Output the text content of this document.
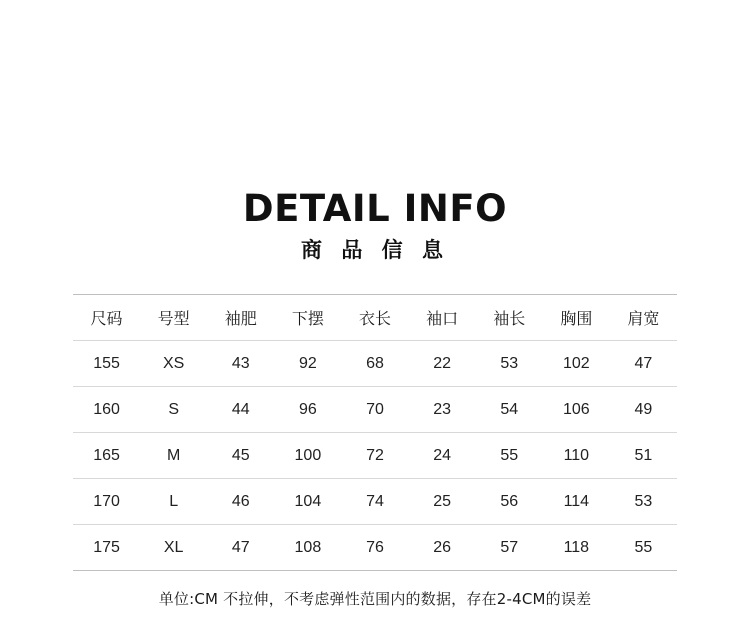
DETAIL INFO
商 品 信 息
尺码	号型	袖肥	下摆	衣长	袖口	袖长	胸围	肩宽
155	XS	43	92	68	22	53	102	47
160	S	44	96	70	23	54	106	49
165	M	45	100	72	24	55	110	51
170	L	46	104	74	25	56	114	53
175	XL	47	108	76	26	57	118	55
单位:CM 不拉伸，不考虑弹性范围内的数据，存在2-4CM的误差
